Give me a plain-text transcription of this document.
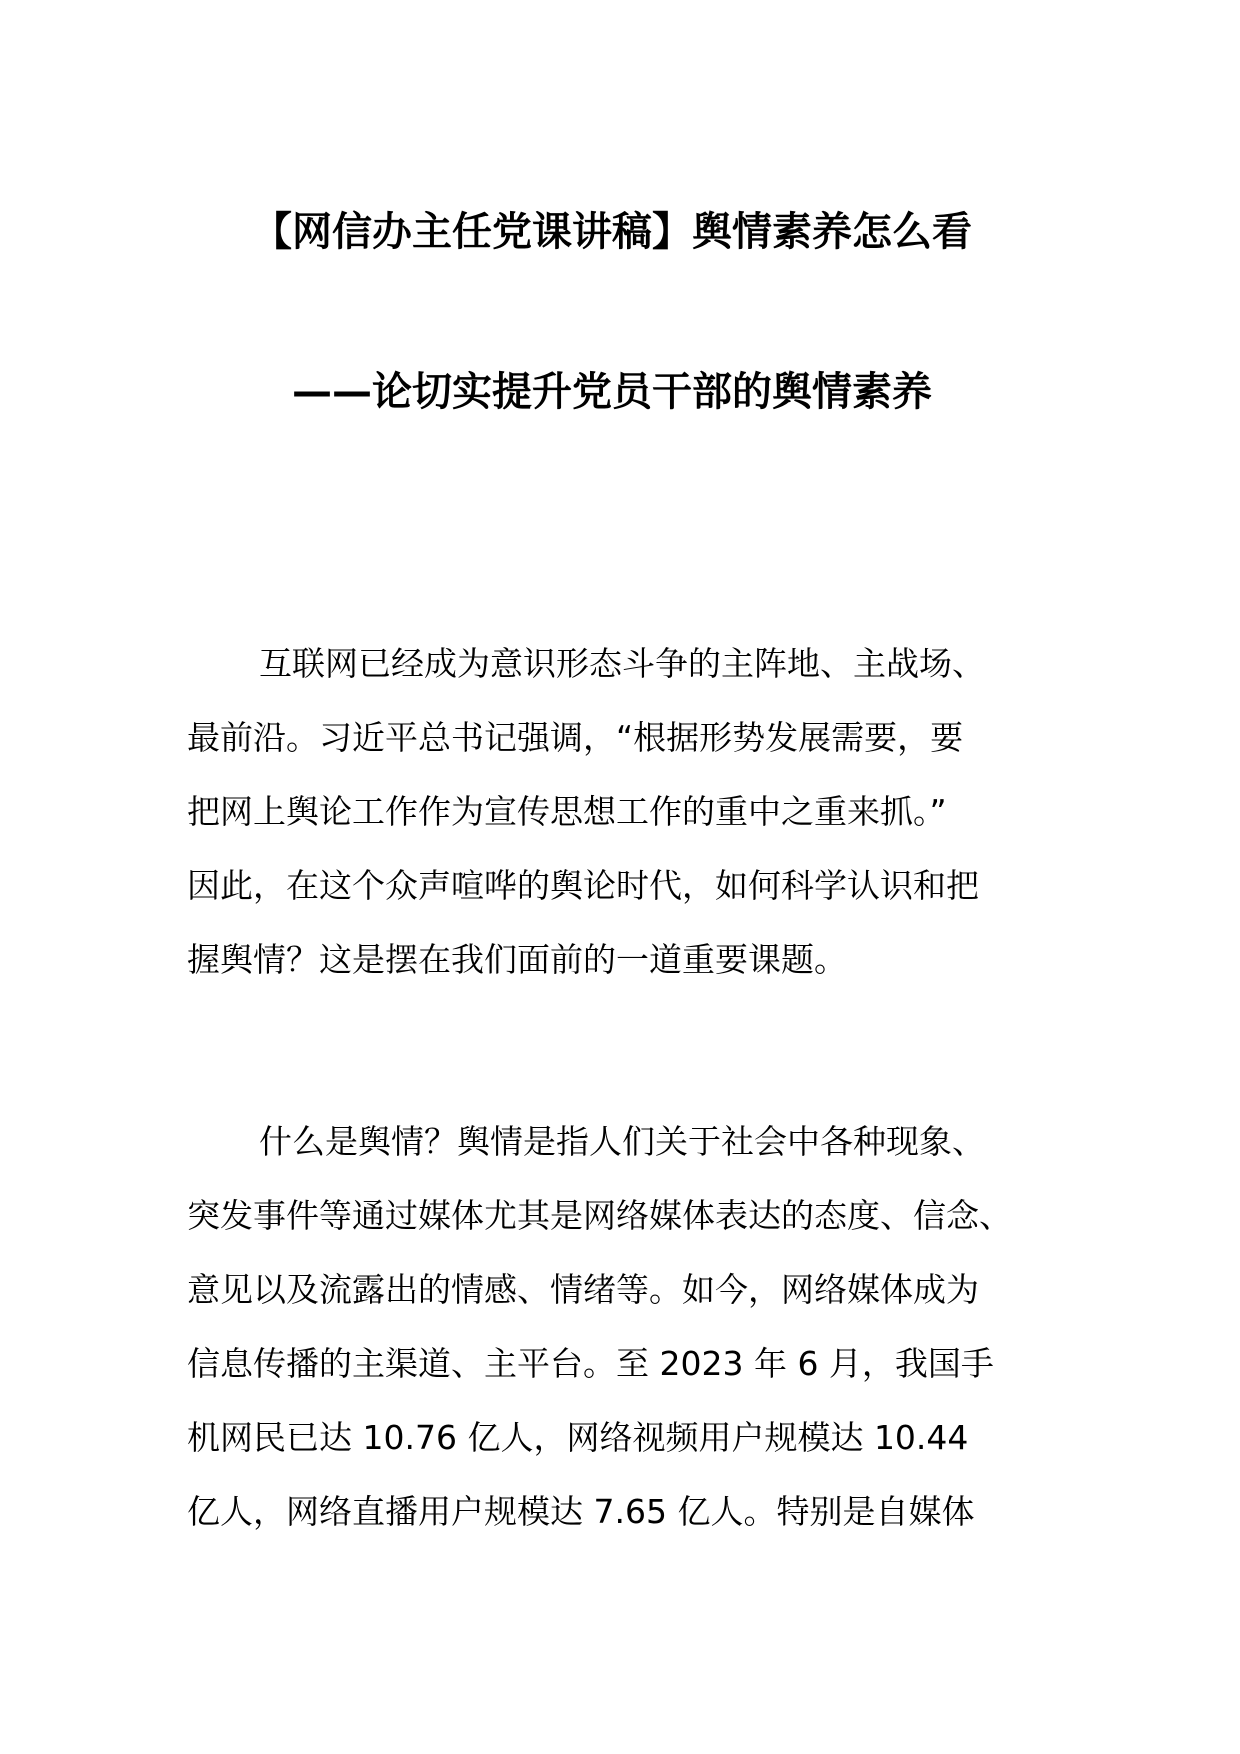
【网信办主任党课讲稿】舆情素养怎么看
——论切实提升党员干部的舆情素养
互联网已经成为意识形态斗争的主阵地、主战场、
最前沿。习近平总书记强调，“根据形势发展需要，要
把网上舆论工作作为宣传思想工作的重中之重来抓。”
因此，在这个众声喧哗的舆论时代，如何科学认识和把
握舆情？这是摆在我们面前的一道重要课题。
什么是舆情？舆情是指人们关于社会中各种现象、
突发事件等通过媒体尤其是网络媒体表达的态度、信念、
意见以及流露出的情感、情绪等。如今，网络媒体成为
信息传播的主渠道、主平台。至 2023 年 6 月，我国手
机网民已达 10.76 亿人，网络视频用户规模达 10.44
亿人，网络直播用户规模达 7.65 亿人。特别是自媒体
